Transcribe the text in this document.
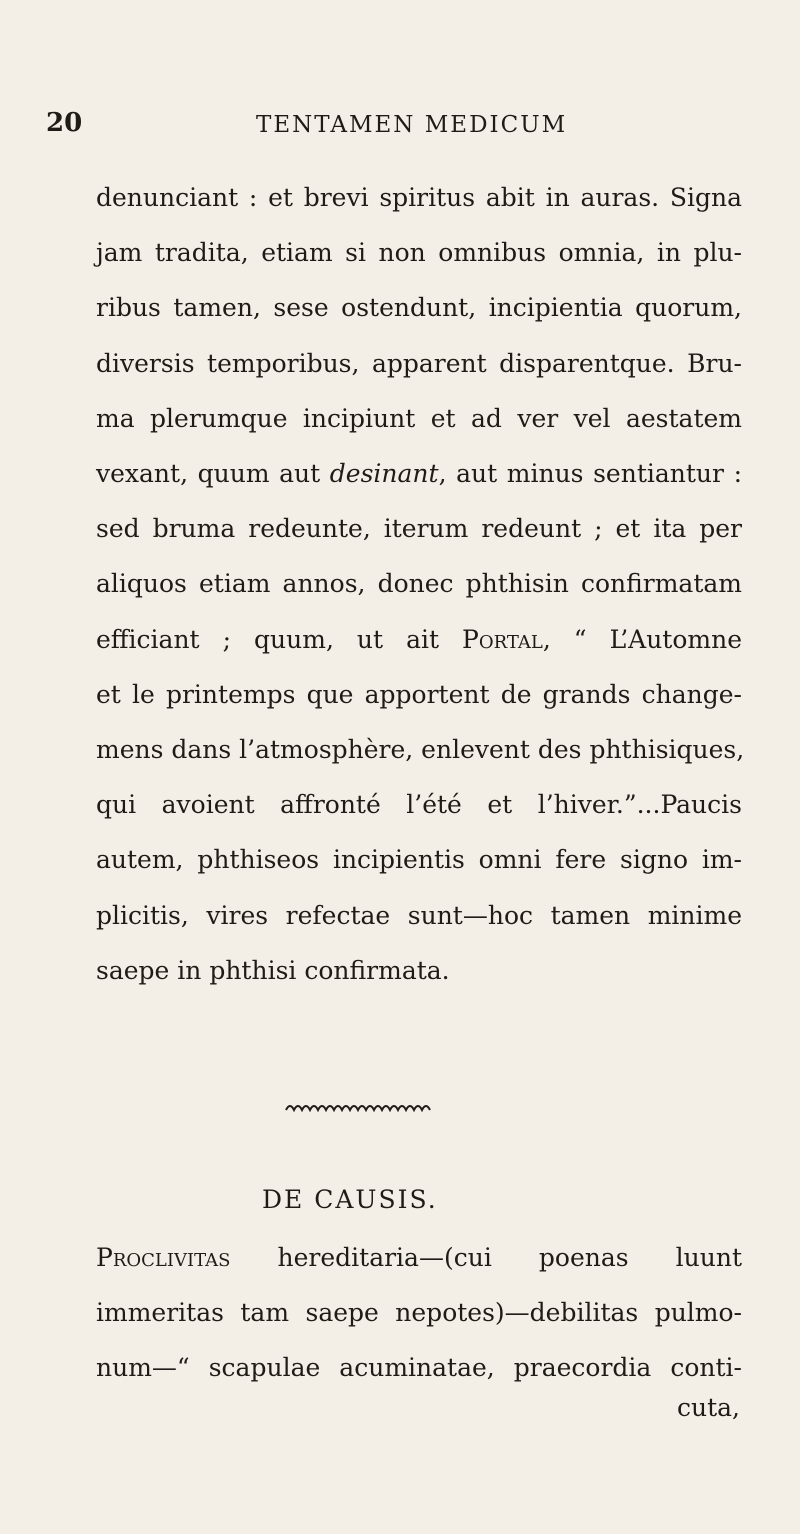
20	TENTAMEN MEDICUM
denunciant : et brevi spiritus abit in auras. Signa
jam tradita, etiam si non omnibus omnia, in plu-
ribus tamen, sese ostendunt, incipientia quorum,
diversis temporibus, apparent disparentque. Bru-
ma plerumque incipiunt et ad ver vel aestatem
vexant, quum aut desinant, aut minus sentiantur :
sed bruma redeunte, iterum redeunt ; et ita per
aliquos etiam annos, donec phthisin confirmatam
efficiant ; quum, ut ait Portal, “ L’Automne
et le printemps que apportent de grands change-
mens dans l’atmosphère, enlevent des phthisiques,
qui avoient affronté l’été et l’hiver.”...Paucis
autem, phthiseos incipientis omni fere signo im-
plicitis, vires refectae sunt—hoc tamen minime
saepe in phthisi confirmata.
DE CAUSIS.
Proclivitas hereditaria—(cui poenas luunt
immeritas tam saepe nepotes)—debilitas pulmo-
num—“ scapulae acuminatae, praecordia conti-
cuta,
